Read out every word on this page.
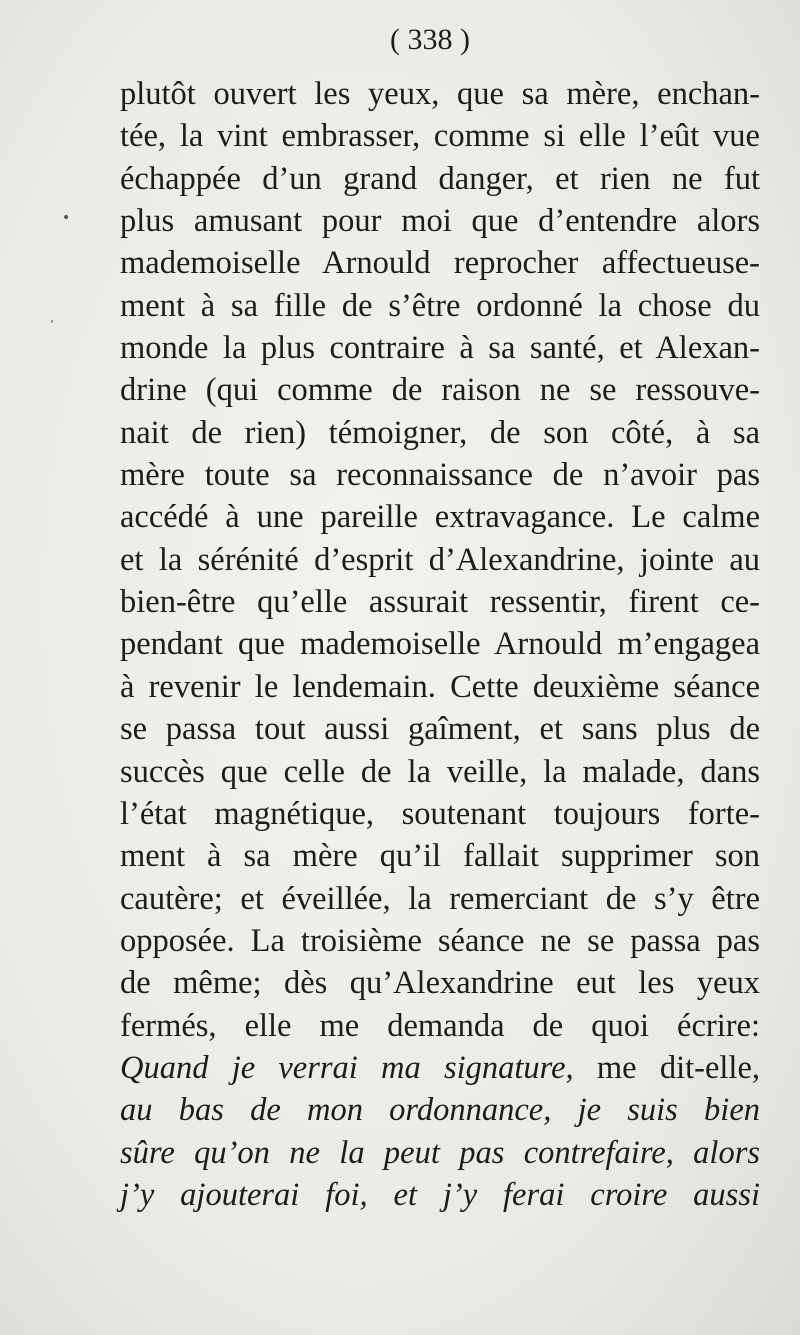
( 338 )
plutôt ouvert les yeux, que sa mère, enchan-
tée, la vint embrasser, comme si elle l’eût vue
échappée d’un grand danger, et rien ne fut
plus amusant pour moi que d’entendre alors
mademoiselle Arnould reprocher affectueuse-
ment à sa fille de s’être ordonné la chose du
monde la plus contraire à sa santé, et Alexan-
drine (qui comme de raison ne se ressouve-
nait de rien) témoigner, de son côté, à sa
mère toute sa reconnaissance de n’avoir pas
accédé à une pareille extravagance. Le calme
et la sérénité d’esprit d’Alexandrine, jointe au
bien-être qu’elle assurait ressentir, firent ce-
pendant que mademoiselle Arnould m’engagea
à revenir le lendemain. Cette deuxième séance
se passa tout aussi gaîment, et sans plus de
succès que celle de la veille, la malade, dans
l’état magnétique, soutenant toujours forte-
ment à sa mère qu’il fallait supprimer son
cautère; et éveillée, la remerciant de s’y être
opposée. La troisième séance ne se passa pas
de même; dès qu’Alexandrine eut les yeux
fermés, elle me demanda de quoi écrire:
Quand je verrai ma signature, me dit-elle,
au bas de mon ordonnance, je suis bien
sûre qu’on ne la peut pas contrefaire, alors
j’y ajouterai foi, et j’y ferai croire aussi
•
ʼ
